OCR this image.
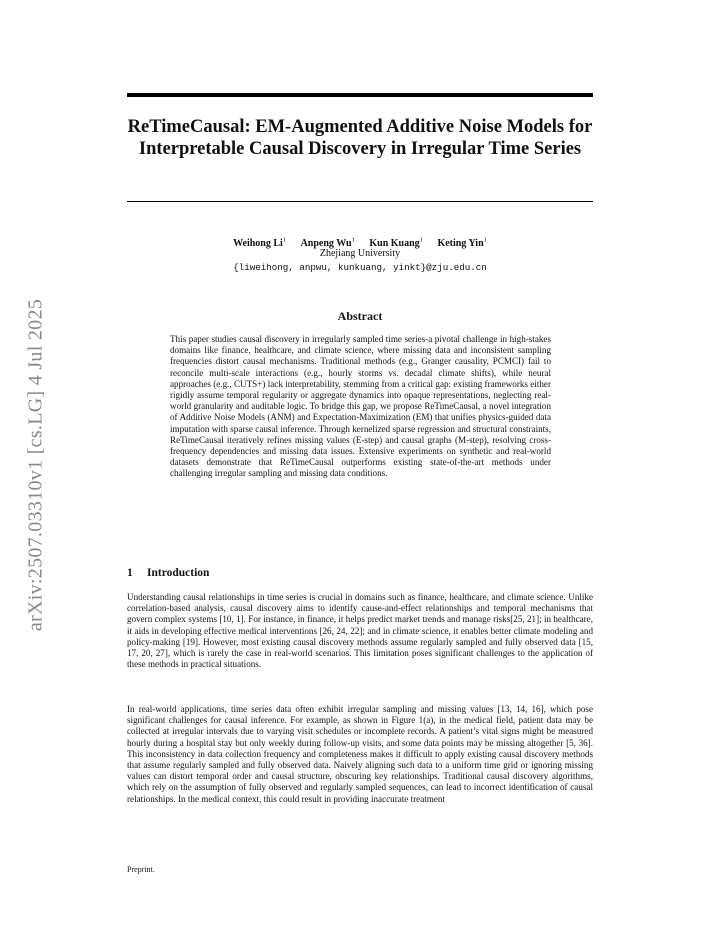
arXiv:2507.03310v1 [cs.LG] 4 Jul 2025
ReTimeCausal: EM-Augmented Additive Noise Models for Interpretable Causal Discovery in Irregular Time Series
Weihong Li$^1$ Anpeng Wu$^1$ Kun Kuang$^1$ Keting Yin$^1$
Zhejiang University
{liweihong, anpwu, kunkuang, yinkt}@zju.edu.cn
Abstract

This paper studies causal discovery in irregularly sampled time series-a pivotal challenge in high-stakes domains like finance, healthcare, and climate science, where missing data and inconsistent sampling frequencies distort causal mechanisms. Traditional methods (e.g., Granger causality, PCMCI) fail to reconcile multi-scale interactions (e.g., hourly storms vs. decadal climate shifts), while neural approaches (e.g., CUTS+) lack interpretability, stemming from a critical gap: existing frameworks either rigidly assume temporal regularity or aggregate dynamics into opaque representations, neglecting real-world granularity and auditable logic. To bridge this gap, we propose ReTimeCausal, a novel integration of Additive Noise Models (ANM) and Expectation-Maximization (EM) that unifies physics-guided data imputation with sparse causal inference. Through kernelized sparse regression and structural constraints, ReTimeCausal iteratively refines missing values (E-step) and causal graphs (M-step), resolving cross-frequency dependencies and missing data issues. Extensive experiments on synthetic and real-world datasets demonstrate that ReTimeCausal outperforms existing state-of-the-art methods under challenging irregular sampling and missing data conditions.

1 Introduction

Understanding causal relationships in time series is crucial in domains such as finance, healthcare, and climate science. Unlike correlation-based analysis, causal discovery aims to identify cause-and-effect relationships and temporal mechanisms that govern complex systems [10, 1]. For instance, in finance, it helps predict market trends and manage risks[25, 21]; in healthcare, it aids in developing effective medical interventions [26, 24, 22]; and in climate science, it enables better climate modeling and policy-making [19]. However, most existing causal discovery methods assume regularly sampled and fully observed data [15, 17, 20, 27], which is rarely the case in real-world scenarios. This limitation poses significant challenges to the application of these methods in practical situations.

In real-world applications, time series data often exhibit irregular sampling and missing values [13, 14, 16], which pose significant challenges for causal inference. For example, as shown in Figure 1(a), in the medical field, patient data may be collected at irregular intervals due to varying visit schedules or incomplete records. A patient’s vital signs might be measured hourly during a hospital stay but only weekly during follow-up visits, and some data points may be missing altogether [5, 36]. This inconsistency in data collection frequency and completeness makes it difficult to apply existing causal discovery methods that assume regularly sampled and fully observed data. Naively aligning such data to a uniform time grid or ignoring missing values can distort temporal order and causal structure, obscuring key relationships. Traditional causal discovery algorithms, which rely on the assumption of fully observed and regularly sampled sequences, can lead to incorrect identification of causal relationships. In the medical context, this could result in providing inaccurate treatment

Preprint.
